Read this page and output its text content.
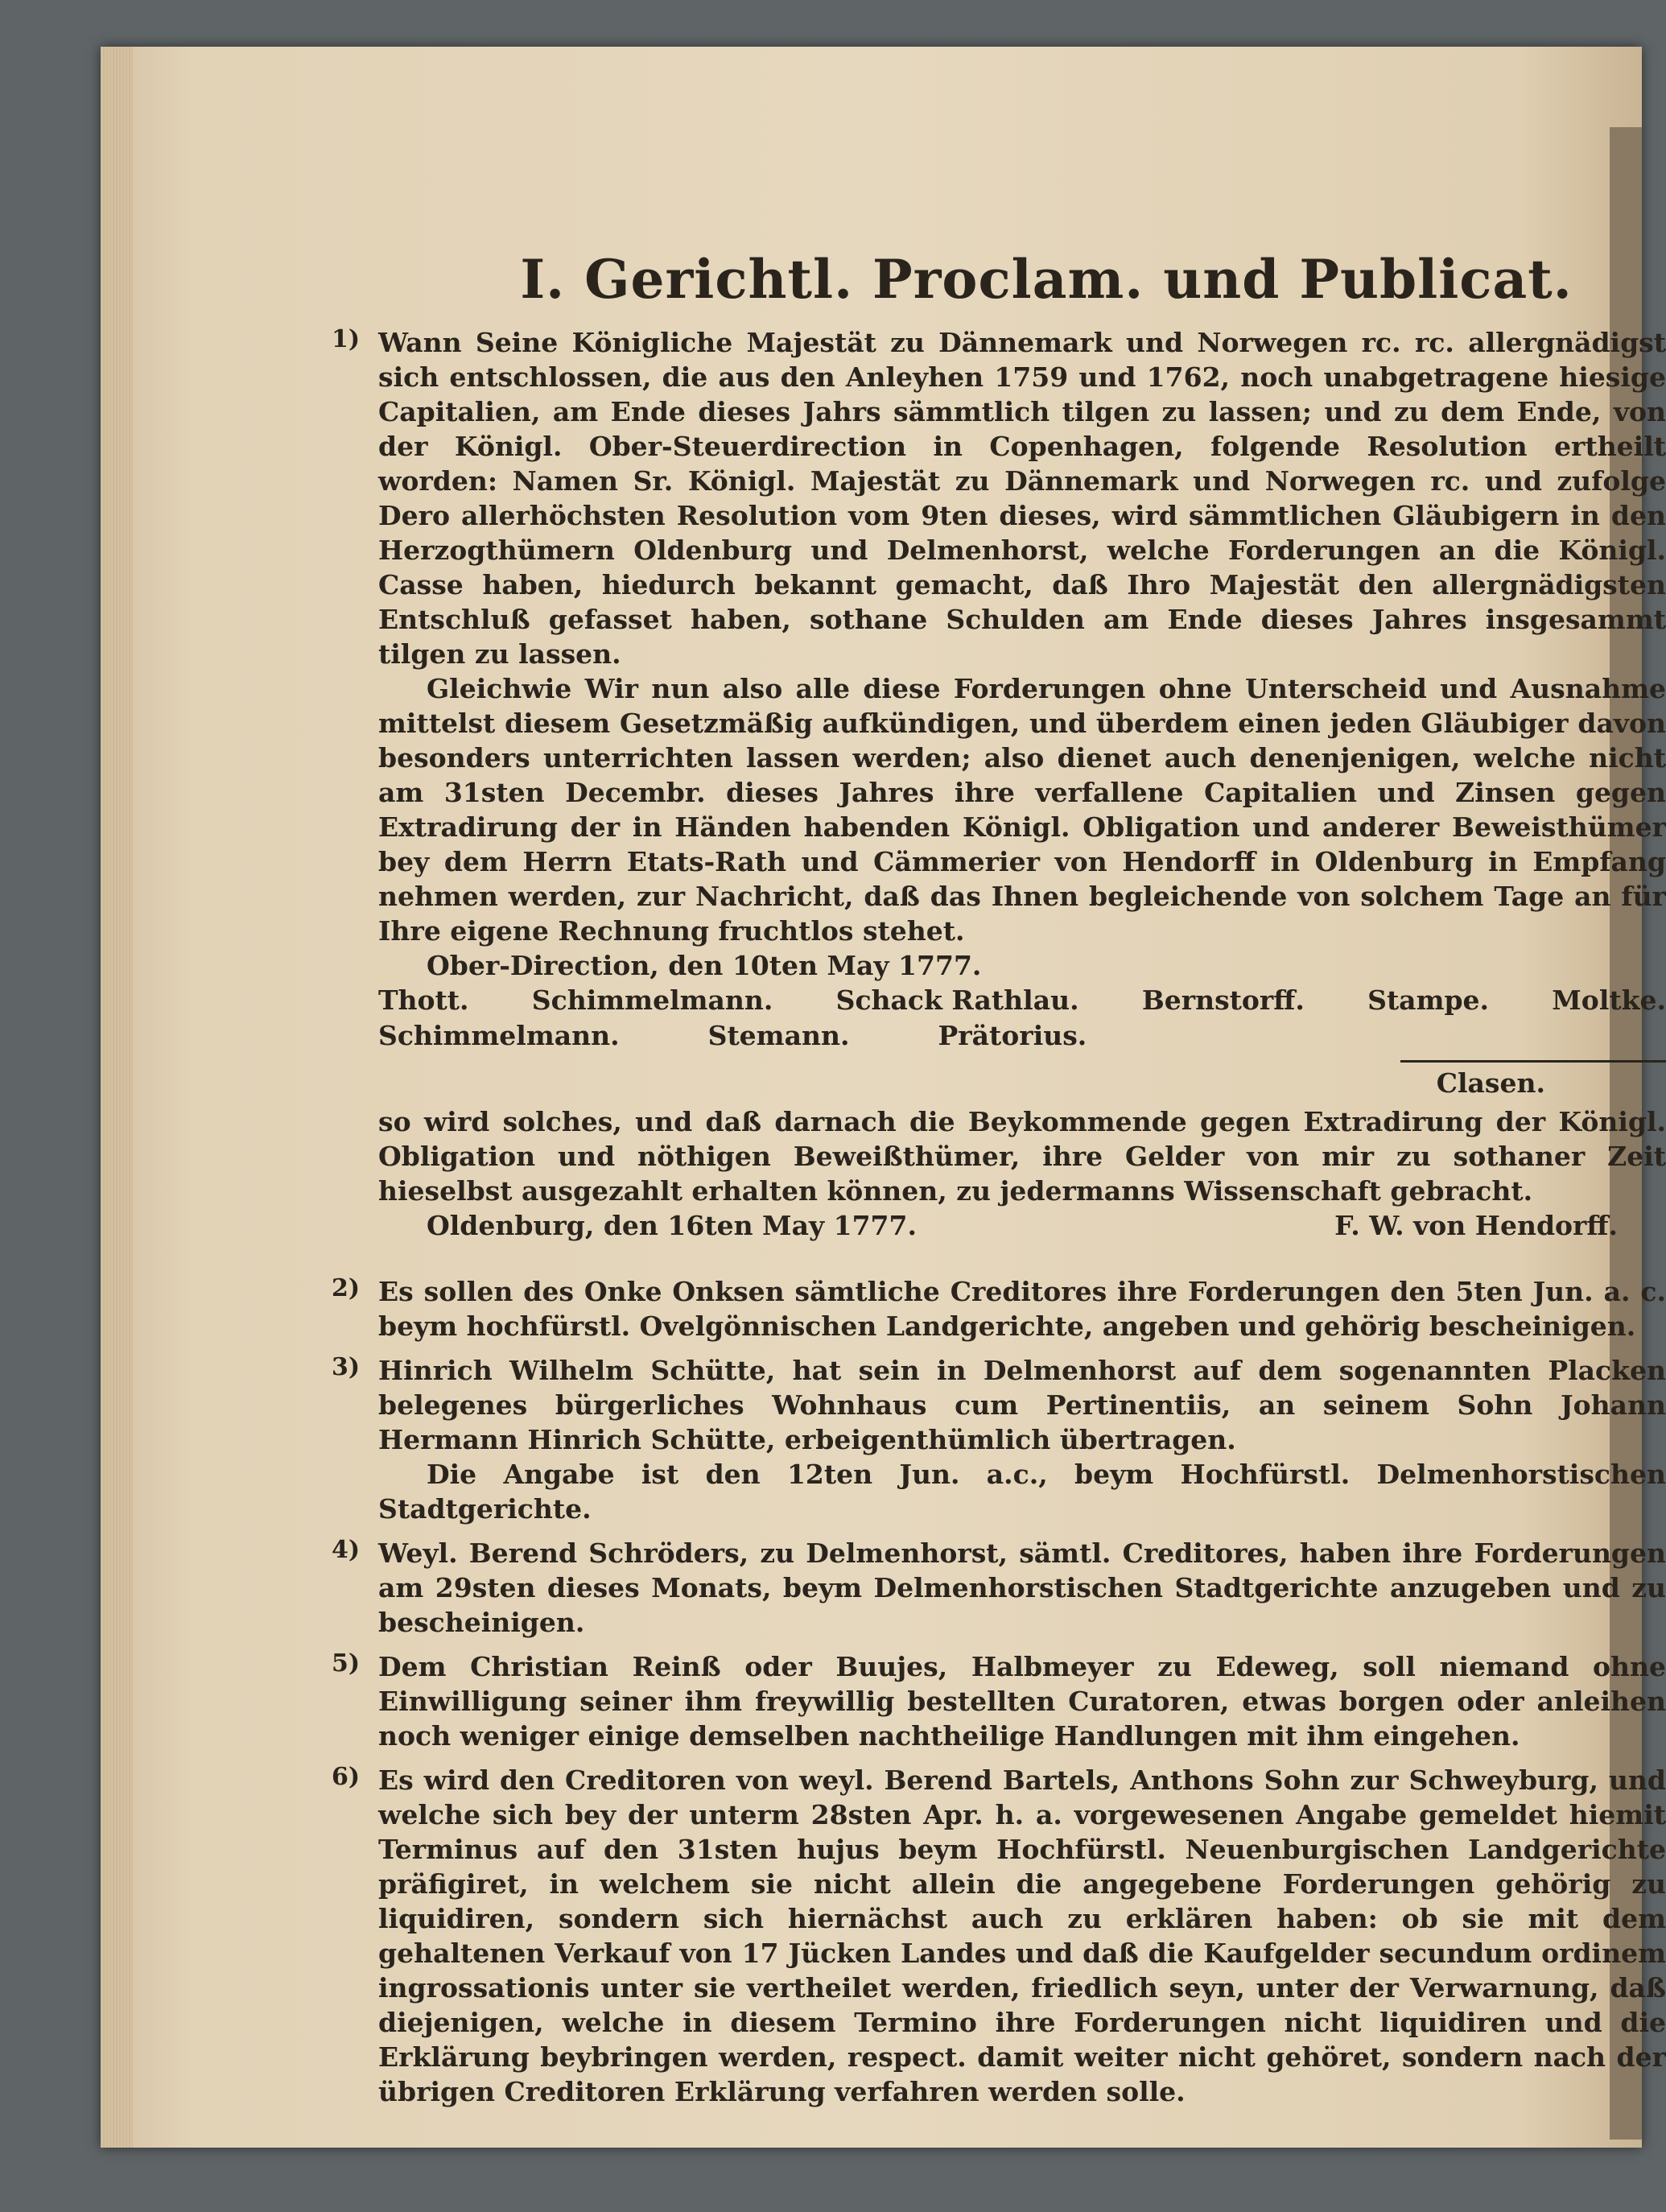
I. Gerichtl. Proclam. und Publicat.
1) Wann Seine Königliche Majestät zu Dännemark und Norwegen rc. rc. allergnädigst sich entschlossen, die aus den Anleyhen 1759 und 1762, noch unabgetragene hiesige Capitalien, am Ende dieses Jahrs sämmtlich tilgen zu lassen; und zu dem Ende, von der Königl. Ober-Steuerdirection in Copenhagen, folgende Resolution ertheilt worden: Namen Sr. Königl. Majestät zu Dännemark und Norwegen rc. und zufolge Dero allerhöchsten Resolution vom 9ten dieses, wird sämmtlichen Gläubigern in den Herzogthümern Oldenburg und Delmenhorst, welche Forderungen an die Königl. Casse haben, hiedurch bekannt gemacht, daß Ihro Majestät den allergnädigsten Entschluß gefasset haben, sothane Schulden am Ende dieses Jahres insgesammt tilgen zu lassen.

Gleichwie Wir nun also alle diese Forderungen ohne Unterscheid und Ausnahme mittelst diesem Gesetzmäßig aufkündigen, und überdem einen jeden Gläubiger davon besonders unterrichten lassen werden; also dienet auch denenjenigen, welche nicht am 31sten Decembr. dieses Jahres ihre verfallene Capitalien und Zinsen gegen Extradirung der in Händen habenden Königl. Obligation und anderer Beweisthümer bey dem Herrn Etats-Rath und Cämmerier von Hendorff in Oldenburg in Empfang nehmen werden, zur Nachricht, daß das Ihnen begleichende von solchem Tage an für Ihre eigene Rechnung fruchtlos stehet.

Ober-Direction, den 10ten May 1777.

Thott. Schimmelmann. Schack Rathlau. Bernstorff. Stampe. Moltke.
Schimmelmann.	Stemann.	Prätorius.
Clasen.

so wird solches, und daß darnach die Beykommende gegen Extradirung der Königl. Obligation und nöthigen Beweißthümer, ihre Gelder von mir zu sothaner Zeit hieselbst ausgezahlt erhalten können, zu jedermanns Wissenschaft gebracht.

Oldenburg, den 16ten May 1777.	F. W. von Hendorff.
2) Es sollen des Onke Onksen sämtliche Creditores ihre Forderungen den 5ten Jun. a. c. beym hochfürstl. Ovelgönnischen Landgerichte, angeben und gehörig bescheinigen.

3) Hinrich Wilhelm Schütte, hat sein in Delmenhorst auf dem sogenannten Placken belegenes bürgerliches Wohnhaus cum Pertinentiis, an seinem Sohn Johann Hermann Hinrich Schütte, erbeigenthümlich übertragen.

Die Angabe ist den 12ten Jun. a.c., beym Hochfürstl. Delmenhorstischen Stadtgerichte.

4) Weyl. Berend Schröders, zu Delmenhorst, sämtl. Creditores, haben ihre Forderungen am 29sten dieses Monats, beym Delmenhorstischen Stadtgerichte anzugeben und zu bescheinigen.

5) Dem Christian Reinß oder Buujes, Halbmeyer zu Edeweg, soll niemand ohne Einwilligung seiner ihm freywillig bestellten Curatoren, etwas borgen oder anleihen noch weniger einige demselben nachtheilige Handlungen mit ihm eingehen.

6) Es wird den Creditoren von weyl. Berend Bartels, Anthons Sohn zur Schweyburg, und welche sich bey der unterm 28sten Apr. h. a. vorgewesenen Angabe gemeldet hiemit Terminus auf den 31sten hujus beym Hochfürstl. Neuenburgischen Landgerichte präfigiret, in welchem sie nicht allein die angegebene Forderungen gehörig zu liquidiren, sondern sich hiernächst auch zu erklären haben: ob sie mit dem gehaltenen Verkauf von 17 Jücken Landes und daß die Kaufgelder secundum ordinem ingrossationis unter sie vertheilet werden, friedlich seyn, unter der Verwarnung, daß diejenigen, welche in diesem Termino ihre Forderungen nicht liquidiren und die Erklärung beybringen werden, respect. damit weiter nicht gehöret, sondern nach der übrigen Creditoren Erklärung verfahren werden solle.
